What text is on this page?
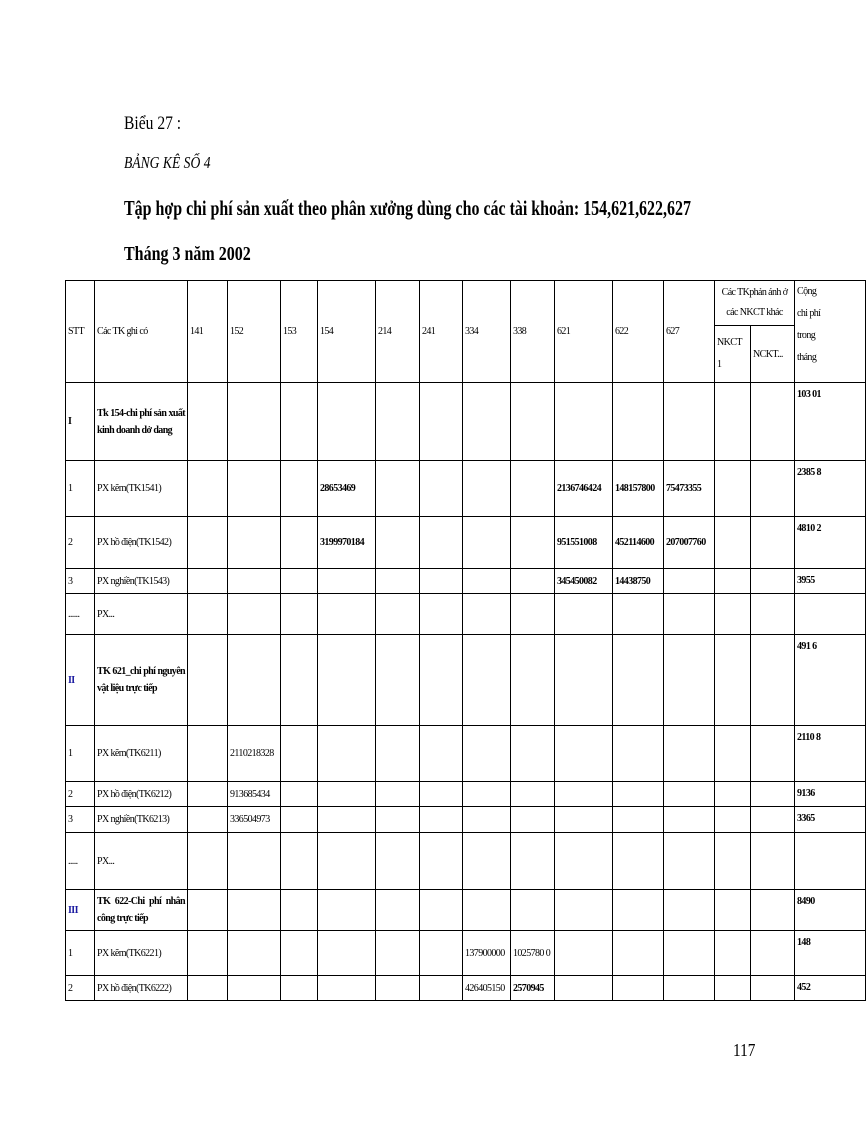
Biểu 27 :
BẢNG KÊ SỐ 4
Tập hợp chi phí sản xuất theo phân xưởng dùng cho các tài khoản: 154,621,622,627
Tháng 3 năm 2002
STT	Các TK ghi có	141	152	153	154	214	241	334	338	621	622	627	Các TKphản ánh ở các NKCT khác		Cộng chi phí trong tháng

													NKCT 1	NCKT...	

I	Tk 154-chi phí sản xuất kinh doanh dở dang														103 01

1	PX kẽm(TK1541)				28653469					2136746424	148157800	75473355			2385 8

2	PX hồ điện(TK1542)				3199970184					951551008	452114600	207007760			4810 2

3	PX nghiền(TK1543)									345450082	14438750				3955

......	PX...														

II	TK 621_chi phí nguyên vật liệu trực tiếp														491 6

1	PX kẽm(TK6211)		2110218328												2110 8

2	PX hồ điện(TK6212)		913685434												9136

3	PX nghiền(TK6213)		336504973												3365

.....	PX...														

III	TK 622-Chi phí nhân công trực tiếp														8490

1	PX kẽm(TK6221)							137900000	1025780 0						148

2	PX hồ điện(TK6222)							426405150	2570945						452
117
